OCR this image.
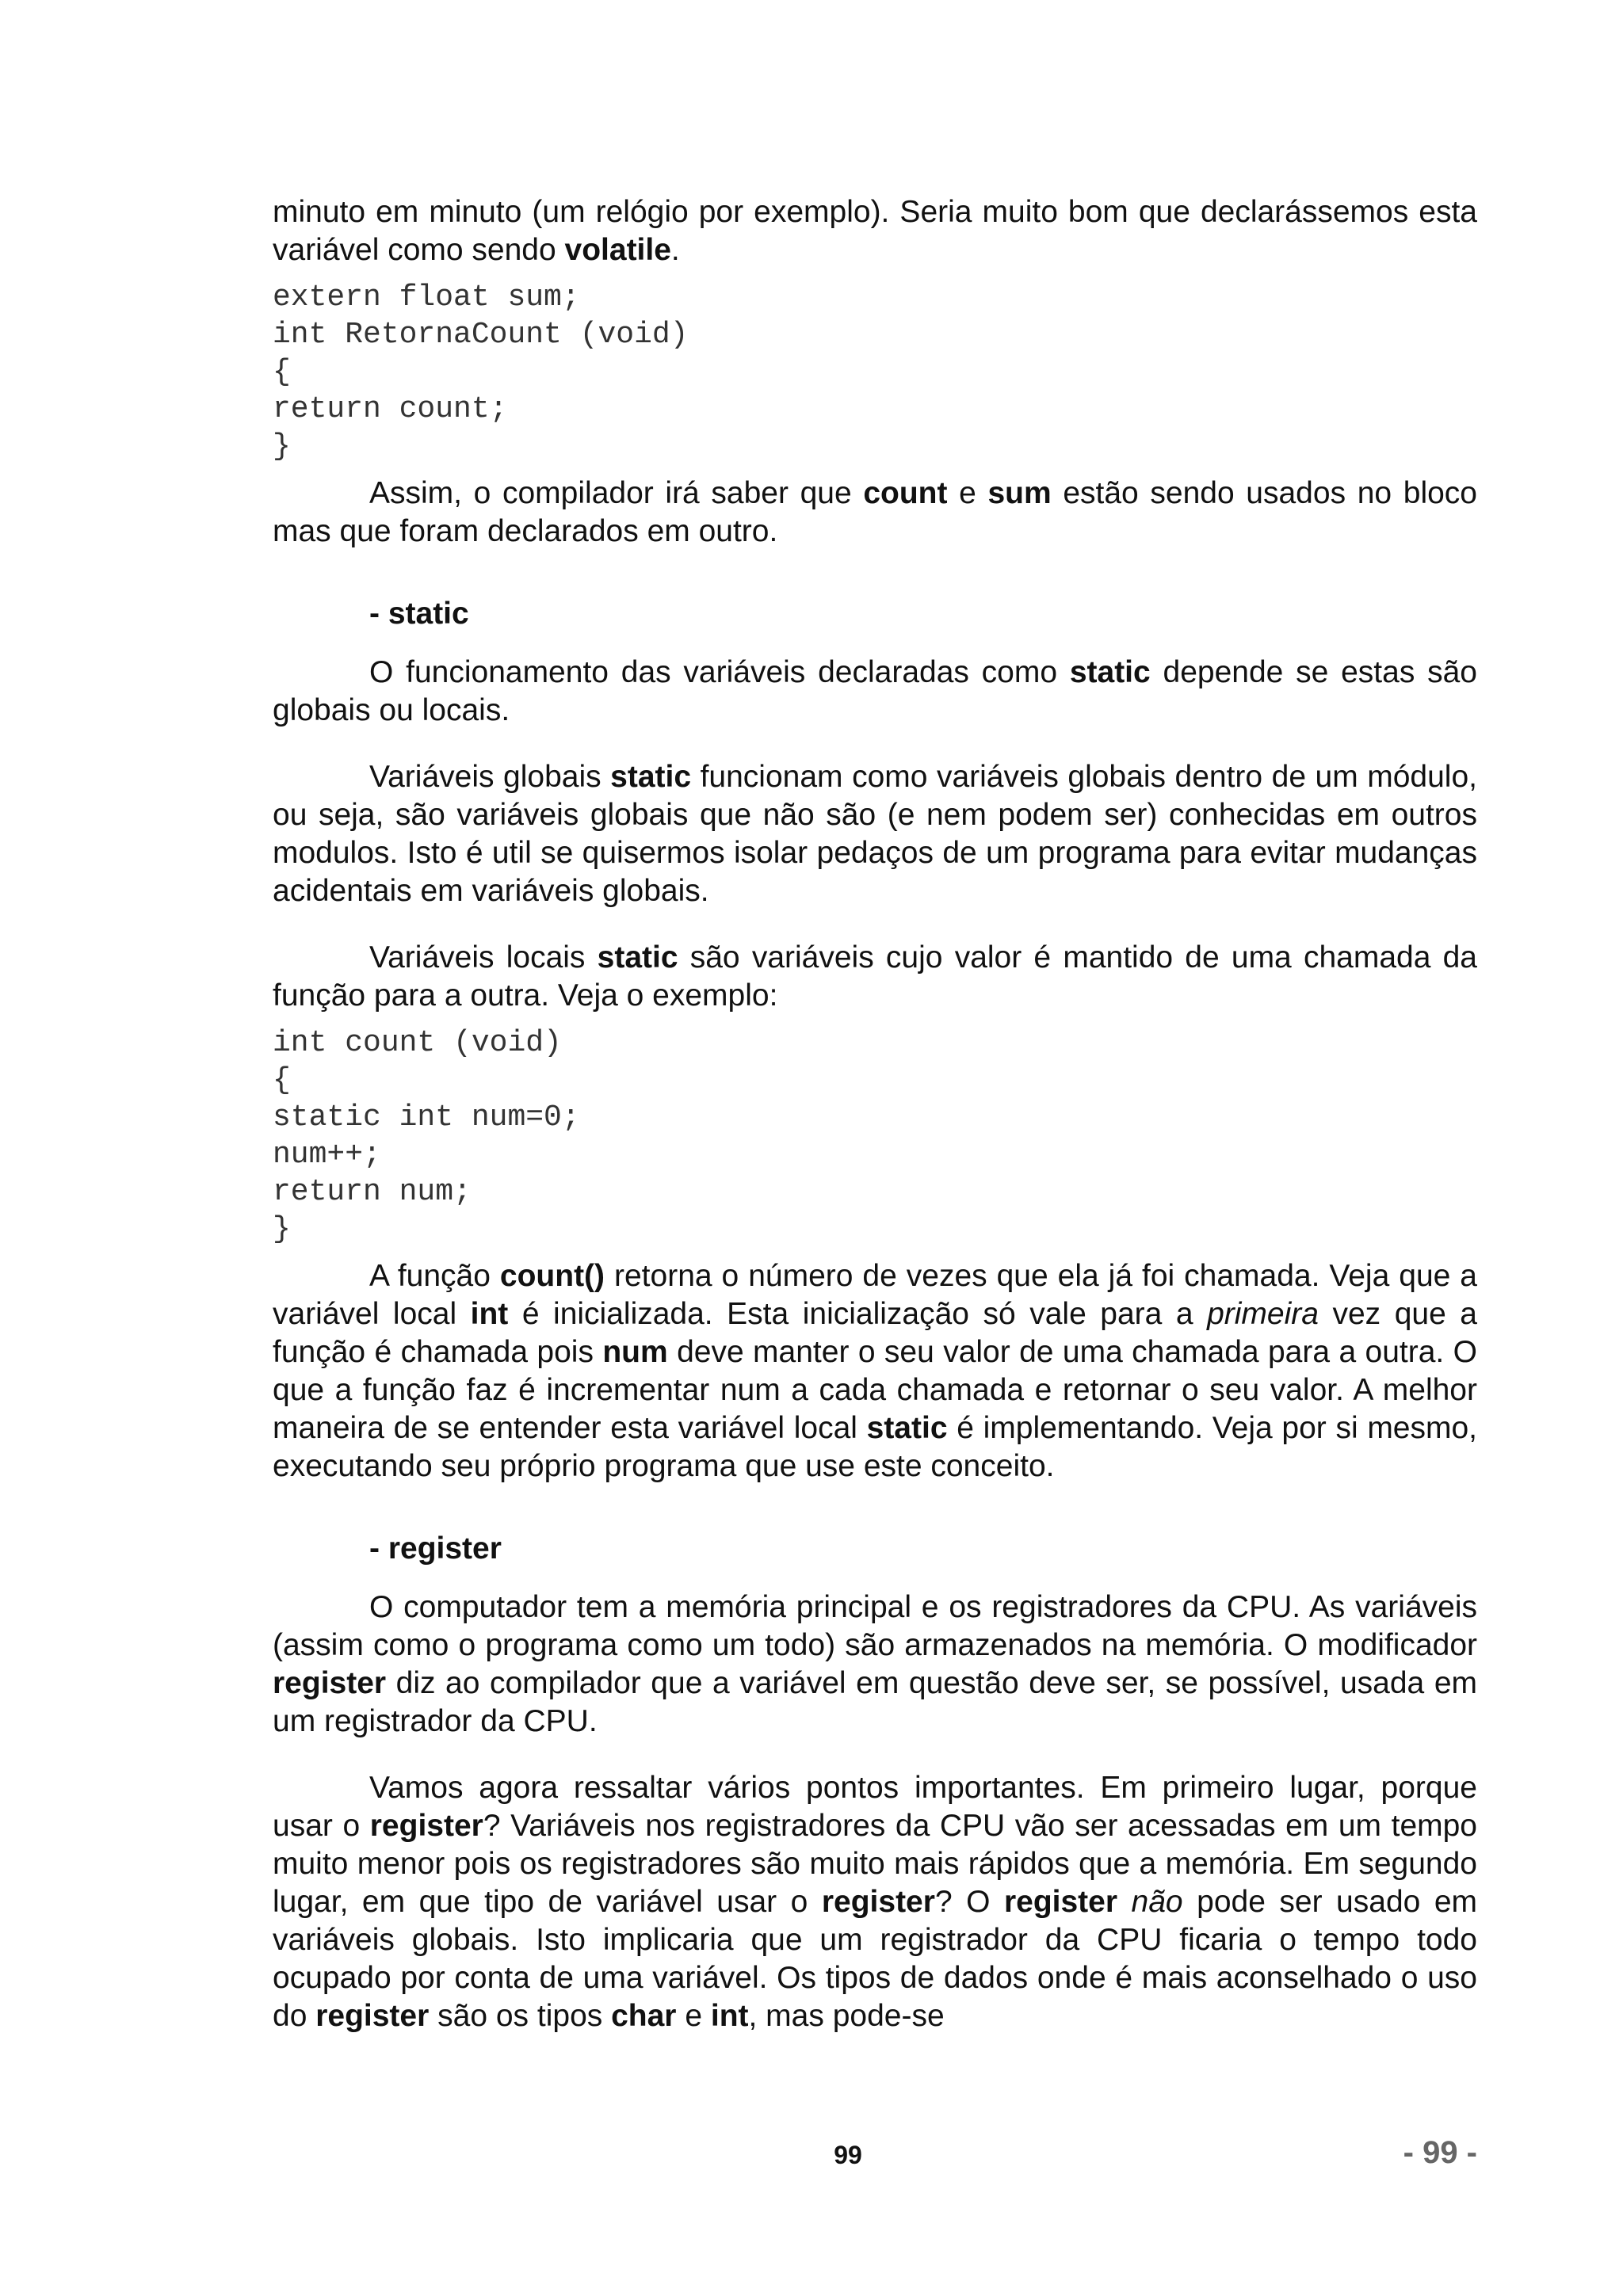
minuto em minuto (um relógio por exemplo). Seria muito bom que declarássemos esta variável como sendo volatile.

extern float sum;
int RetornaCount (void)
{
return count;
}

Assim, o compilador irá saber que count e sum estão sendo usados no bloco mas que foram declarados em outro.

- static

O funcionamento das variáveis declaradas como static depende se estas são globais ou locais.

Variáveis globais static funcionam como variáveis globais dentro de um módulo, ou seja, são variáveis globais que não são (e nem podem ser) conhecidas em outros modulos. Isto é util se quisermos isolar pedaços de um programa para evitar mudanças acidentais em variáveis globais.

Variáveis locais static são variáveis cujo valor é mantido de uma chamada da função para a outra. Veja o exemplo:

int count (void)
{
static int num=0;
num++;
return num;
}

A função count() retorna o número de vezes que ela já foi chamada. Veja que a variável local int é inicializada. Esta inicialização só vale para a primeira vez que a função é chamada pois num deve manter o seu valor de uma chamada para a outra. O que a função faz é incrementar num a cada chamada e retornar o seu valor. A melhor maneira de se entender esta variável local static é implementando. Veja por si mesmo, executando seu próprio programa que use este conceito.

- register

O computador tem a memória principal e os registradores da CPU. As variáveis (assim como o programa como um todo) são armazenados na memória. O modificador register diz ao compilador que a variável em questão deve ser, se possível, usada em um registrador da CPU.

Vamos agora ressaltar vários pontos importantes. Em primeiro lugar, porque usar o register? Variáveis nos registradores da CPU vão ser acessadas em um tempo muito menor pois os registradores são muito mais rápidos que a memória. Em segundo lugar, em que tipo de variável usar o register? O register não pode ser usado em variáveis globais. Isto implicaria que um registrador da CPU ficaria o tempo todo ocupado por conta de uma variável. Os tipos de dados onde é mais aconselhado o uso do register são os tipos char e int, mas pode-se

99	- 99 -
